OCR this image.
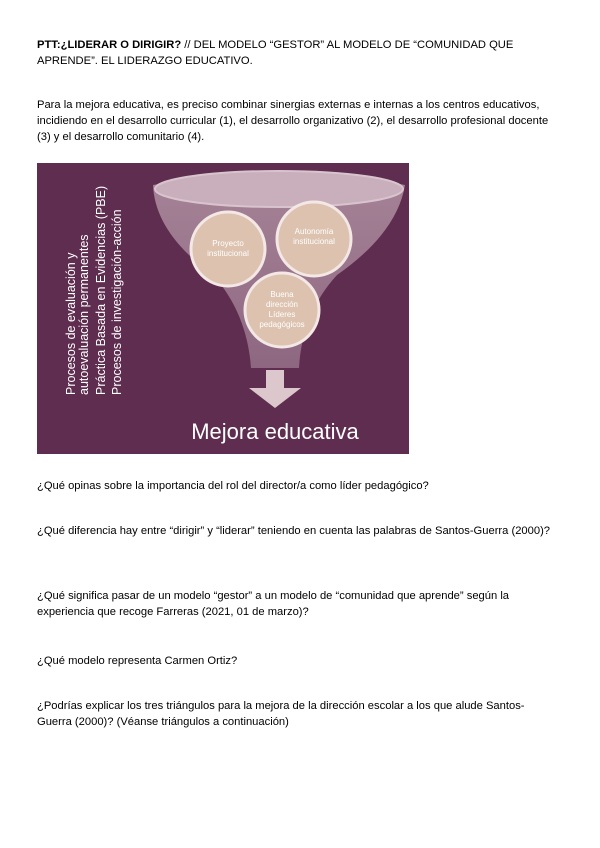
PTT:¿LIDERAR O DIRIGIR? // DEL MODELO “GESTOR” AL MODELO DE “COMUNIDAD QUE APRENDE”. EL LIDERAZGO EDUCATIVO.
Para la mejora educativa, es preciso combinar sinergias externas e internas a los centros educativos, incidiendo en el desarrollo curricular (1), el desarrollo organizativo (2), el desarrollo profesional docente (3) y el desarrollo comunitario (4).
Proyecto
institucional
Autonomía
institucional
Buena
dirección
Líderes
pedagógicos
Procesos de evaluación y autoevaluación permanentes Práctica Basada en Evidencias (PBE) Procesos de investigación-acción
Mejora educativa
¿Qué opinas sobre la importancia del rol del director/a como líder pedagógico?
¿Qué diferencia hay entre “dirigir” y “liderar” teniendo en cuenta las palabras de Santos-Guerra (2000)?
¿Qué significa pasar de un modelo “gestor” a un modelo de “comunidad que aprende” según la experiencia que recoge Farreras (2021, 01 de marzo)?
¿Qué modelo representa Carmen Ortiz?
¿Podrías explicar los tres triángulos para la mejora de la dirección escolar a los que alude Santos-Guerra (2000)? (Véanse triángulos a continuación)
